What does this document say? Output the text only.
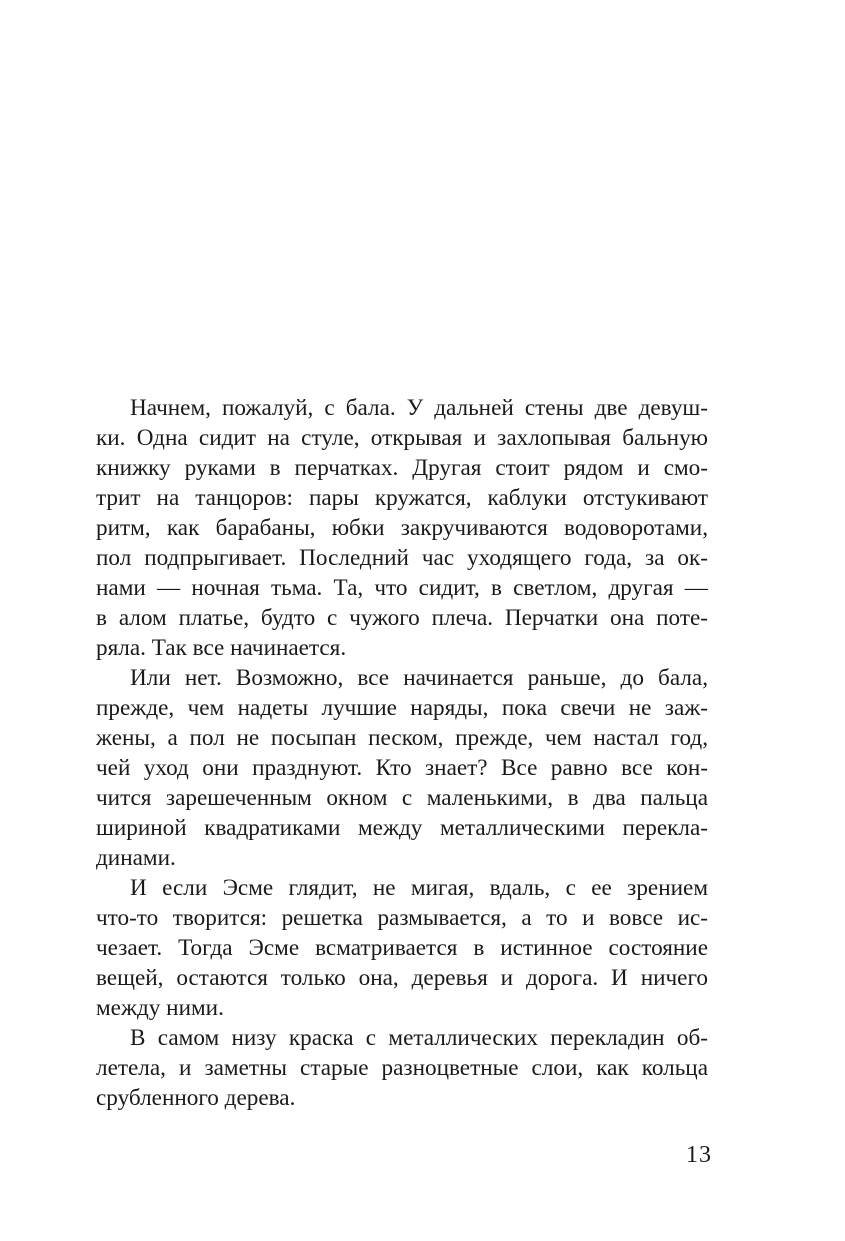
Начнем, пожалуй, с бала. У дальней стены две девуш-
ки. Одна сидит на стуле, открывая и захлопывая бальную
книжку руками в перчатках. Другая стоит рядом и смо-
трит на танцоров: пары кружатся, каблуки отстукивают
ритм, как барабаны, юбки закручиваются водоворотами,
пол подпрыгивает. Последний час уходящего года, за ок-
нами — ночная тьма. Та, что сидит, в светлом, другая —
в алом платье, будто с чужого плеча. Перчатки она поте-
ряла. Так все начинается.
Или нет. Возможно, все начинается раньше, до бала,
прежде, чем надеты лучшие наряды, пока свечи не заж-
жены, а пол не посыпан песком, прежде, чем настал год,
чей уход они празднуют. Кто знает? Все равно все кон-
чится зарешеченным окном с маленькими, в два пальца
шириной квадратиками между металлическими перекла-
динами.
И если Эсме глядит, не мигая, вдаль, с ее зрением
что-то творится: решетка размывается, а то и вовсе ис-
чезает. Тогда Эсме всматривается в истинное состояние
вещей, остаются только она, деревья и дорога. И ничего
между ними.
В самом низу краска с металлических перекладин об-
летела, и заметны старые разноцветные слои, как кольца
срубленного дерева.
13
